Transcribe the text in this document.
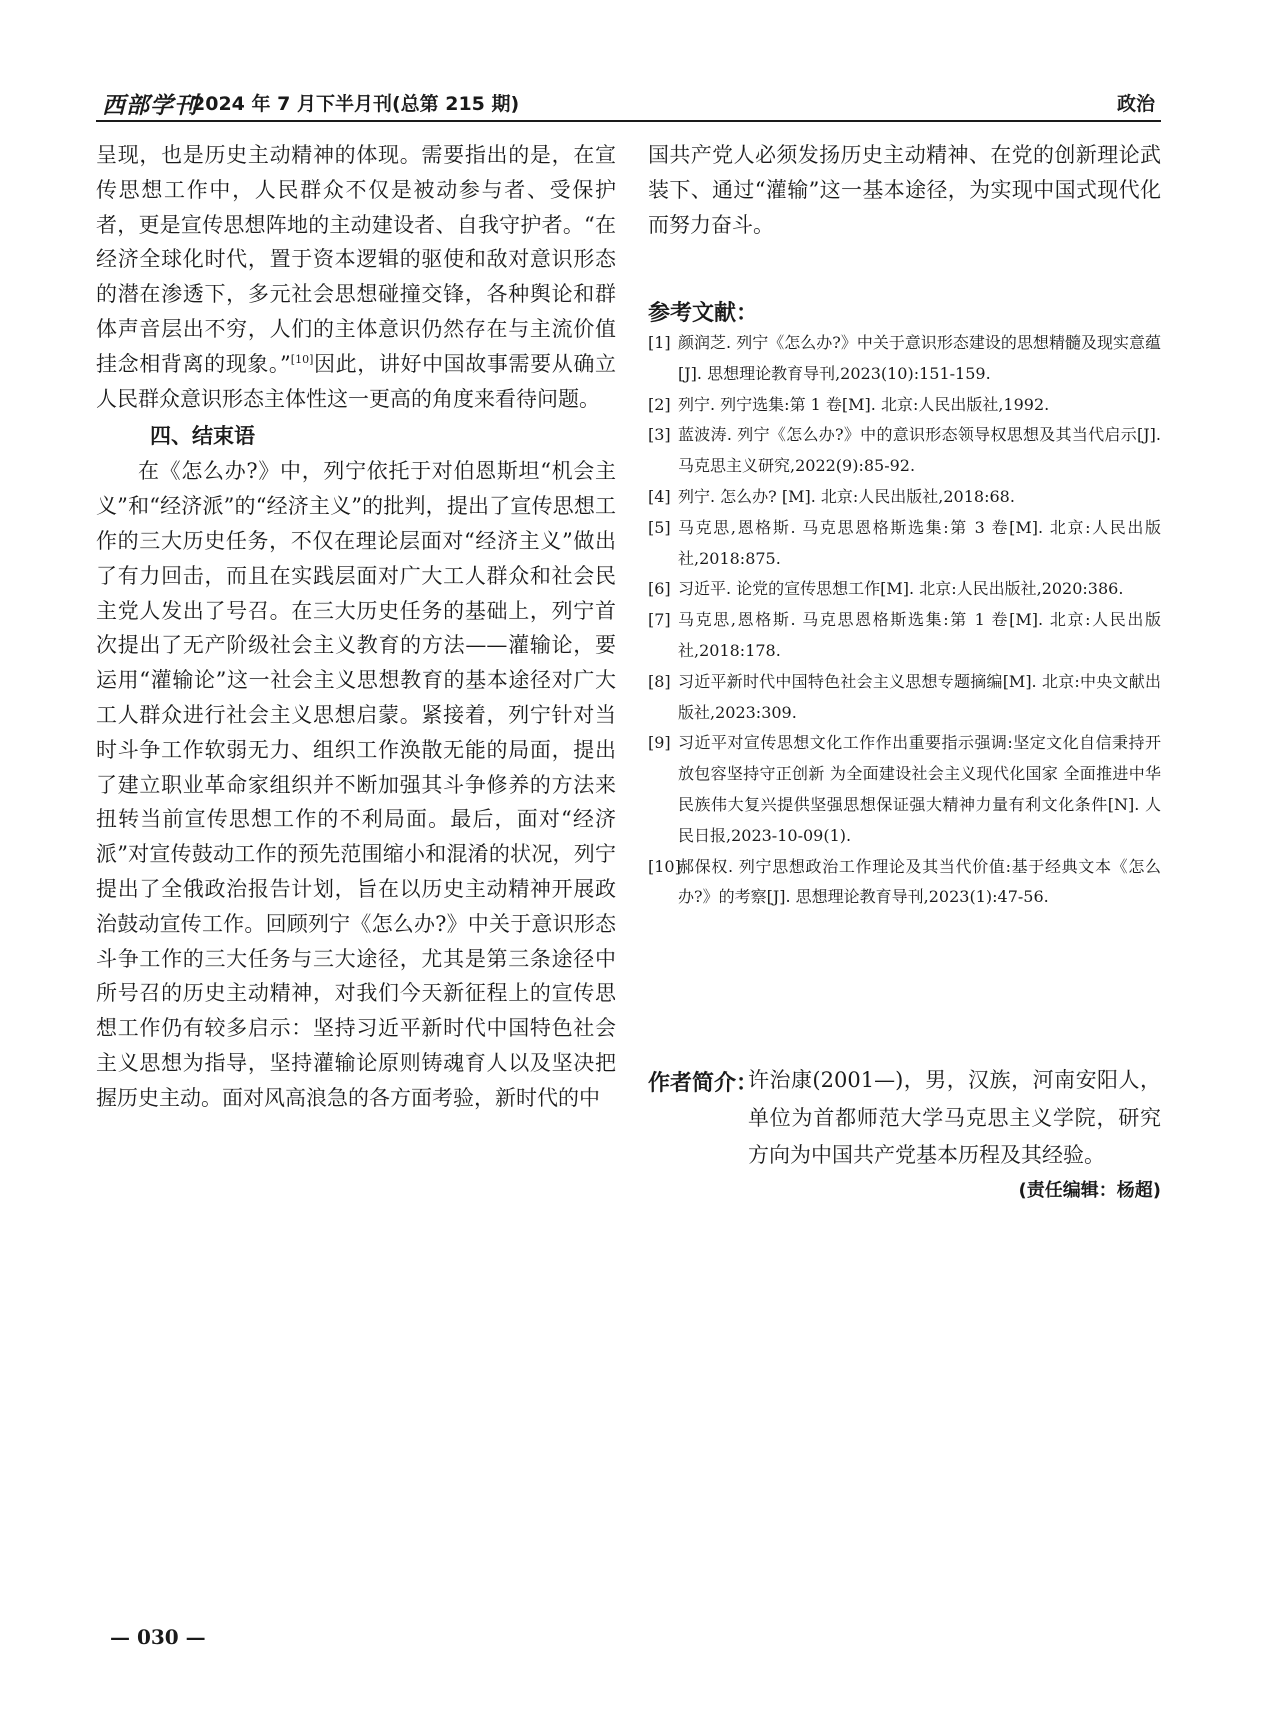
西部学刊
2024 年 7 月下半月刊(总第 215 期)	政治

呈现，也是历史主动精神的体现。需要指出的是，在宣传思想工作中，人民群众不仅是被动参与者、受保护者，更是宣传思想阵地的主动建设者、自我守护者。“在经济全球化时代，置于资本逻辑的驱使和敌对意识形态的潜在渗透下，多元社会思想碰撞交锋，各种舆论和群体声音层出不穷，人们的主体意识仍然存在与主流价值挂念相背离的现象。”[10]因此，讲好中国故事需要从确立人民群众意识形态主体性这一更高的角度来看待问题。

四、结束语

在《怎么办?》中，列宁依托于对伯恩斯坦“机会主义”和“经济派”的“经济主义”的批判，提出了宣传思想工作的三大历史任务，不仅在理论层面对“经济主义”做出了有力回击，而且在实践层面对广大工人群众和社会民主党人发出了号召。在三大历史任务的基础上，列宁首次提出了无产阶级社会主义教育的方法——灌输论，要运用“灌输论”这一社会主义思想教育的基本途径对广大工人群众进行社会主义思想启蒙。紧接着，列宁针对当时斗争工作软弱无力、组织工作涣散无能的局面，提出了建立职业革命家组织并不断加强其斗争修养的方法来扭转当前宣传思想工作的不利局面。最后，面对“经济派”对宣传鼓动工作的预先范围缩小和混淆的状况，列宁提出了全俄政治报告计划，旨在以历史主动精神开展政治鼓动宣传工作。回顾列宁《怎么办?》中关于意识形态斗争工作的三大任务与三大途径，尤其是第三条途径中所号召的历史主动精神，对我们今天新征程上的宣传思想工作仍有较多启示：坚持习近平新时代中国特色社会主义思想为指导，坚持灌输论原则铸魂育人以及坚决把握历史主动。面对风高浪急的各方面考验，新时代的中

国共产党人必须发扬历史主动精神、在党的创新理论武装下、通过“灌输”这一基本途径，为实现中国式现代化而努力奋斗。

参考文献：
[1] 颜润芝. 列宁《怎么办?》中关于意识形态建设的思想精髓及现实意蕴[J]. 思想理论教育导刊,2023(10):151-159.
[2] 列宁. 列宁选集:第 1 卷[M]. 北京:人民出版社,1992.
[3] 蓝波涛. 列宁《怎么办?》中的意识形态领导权思想及其当代启示[J]. 马克思主义研究,2022(9):85-92.
[4] 列宁. 怎么办? [M]. 北京:人民出版社,2018:68.
[5] 马克思,恩格斯. 马克思恩格斯选集:第 3 卷[M]. 北京:人民出版社,2018:875.
[6] 习近平. 论党的宣传思想工作[M]. 北京:人民出版社,2020:386.
[7] 马克思,恩格斯. 马克思恩格斯选集:第 1 卷[M]. 北京:人民出版社,2018:178.
[8] 习近平新时代中国特色社会主义思想专题摘编[M]. 北京:中央文献出版社,2023:309.
[9] 习近平对宣传思想文化工作作出重要指示强调:坚定文化自信秉持开放包容坚持守正创新 为全面建设社会主义现代化国家 全面推进中华民族伟大复兴提供坚强思想保证强大精神力量有利文化条件[N]. 人民日报,2023-10-09(1).
[10]
郝保权. 列宁思想政治工作理论及其当代价值:基于经典文本《怎么办?》的考察[J]. 思想理论教育导刊,2023(1):47-56.
作者简介：
许治康(2001—)，男，汉族，河南安阳人，单位为首都师范大学马克思主义学院，研究方向为中国共产党基本历程及其经验。
(责任编辑：杨超)
— 030 —
